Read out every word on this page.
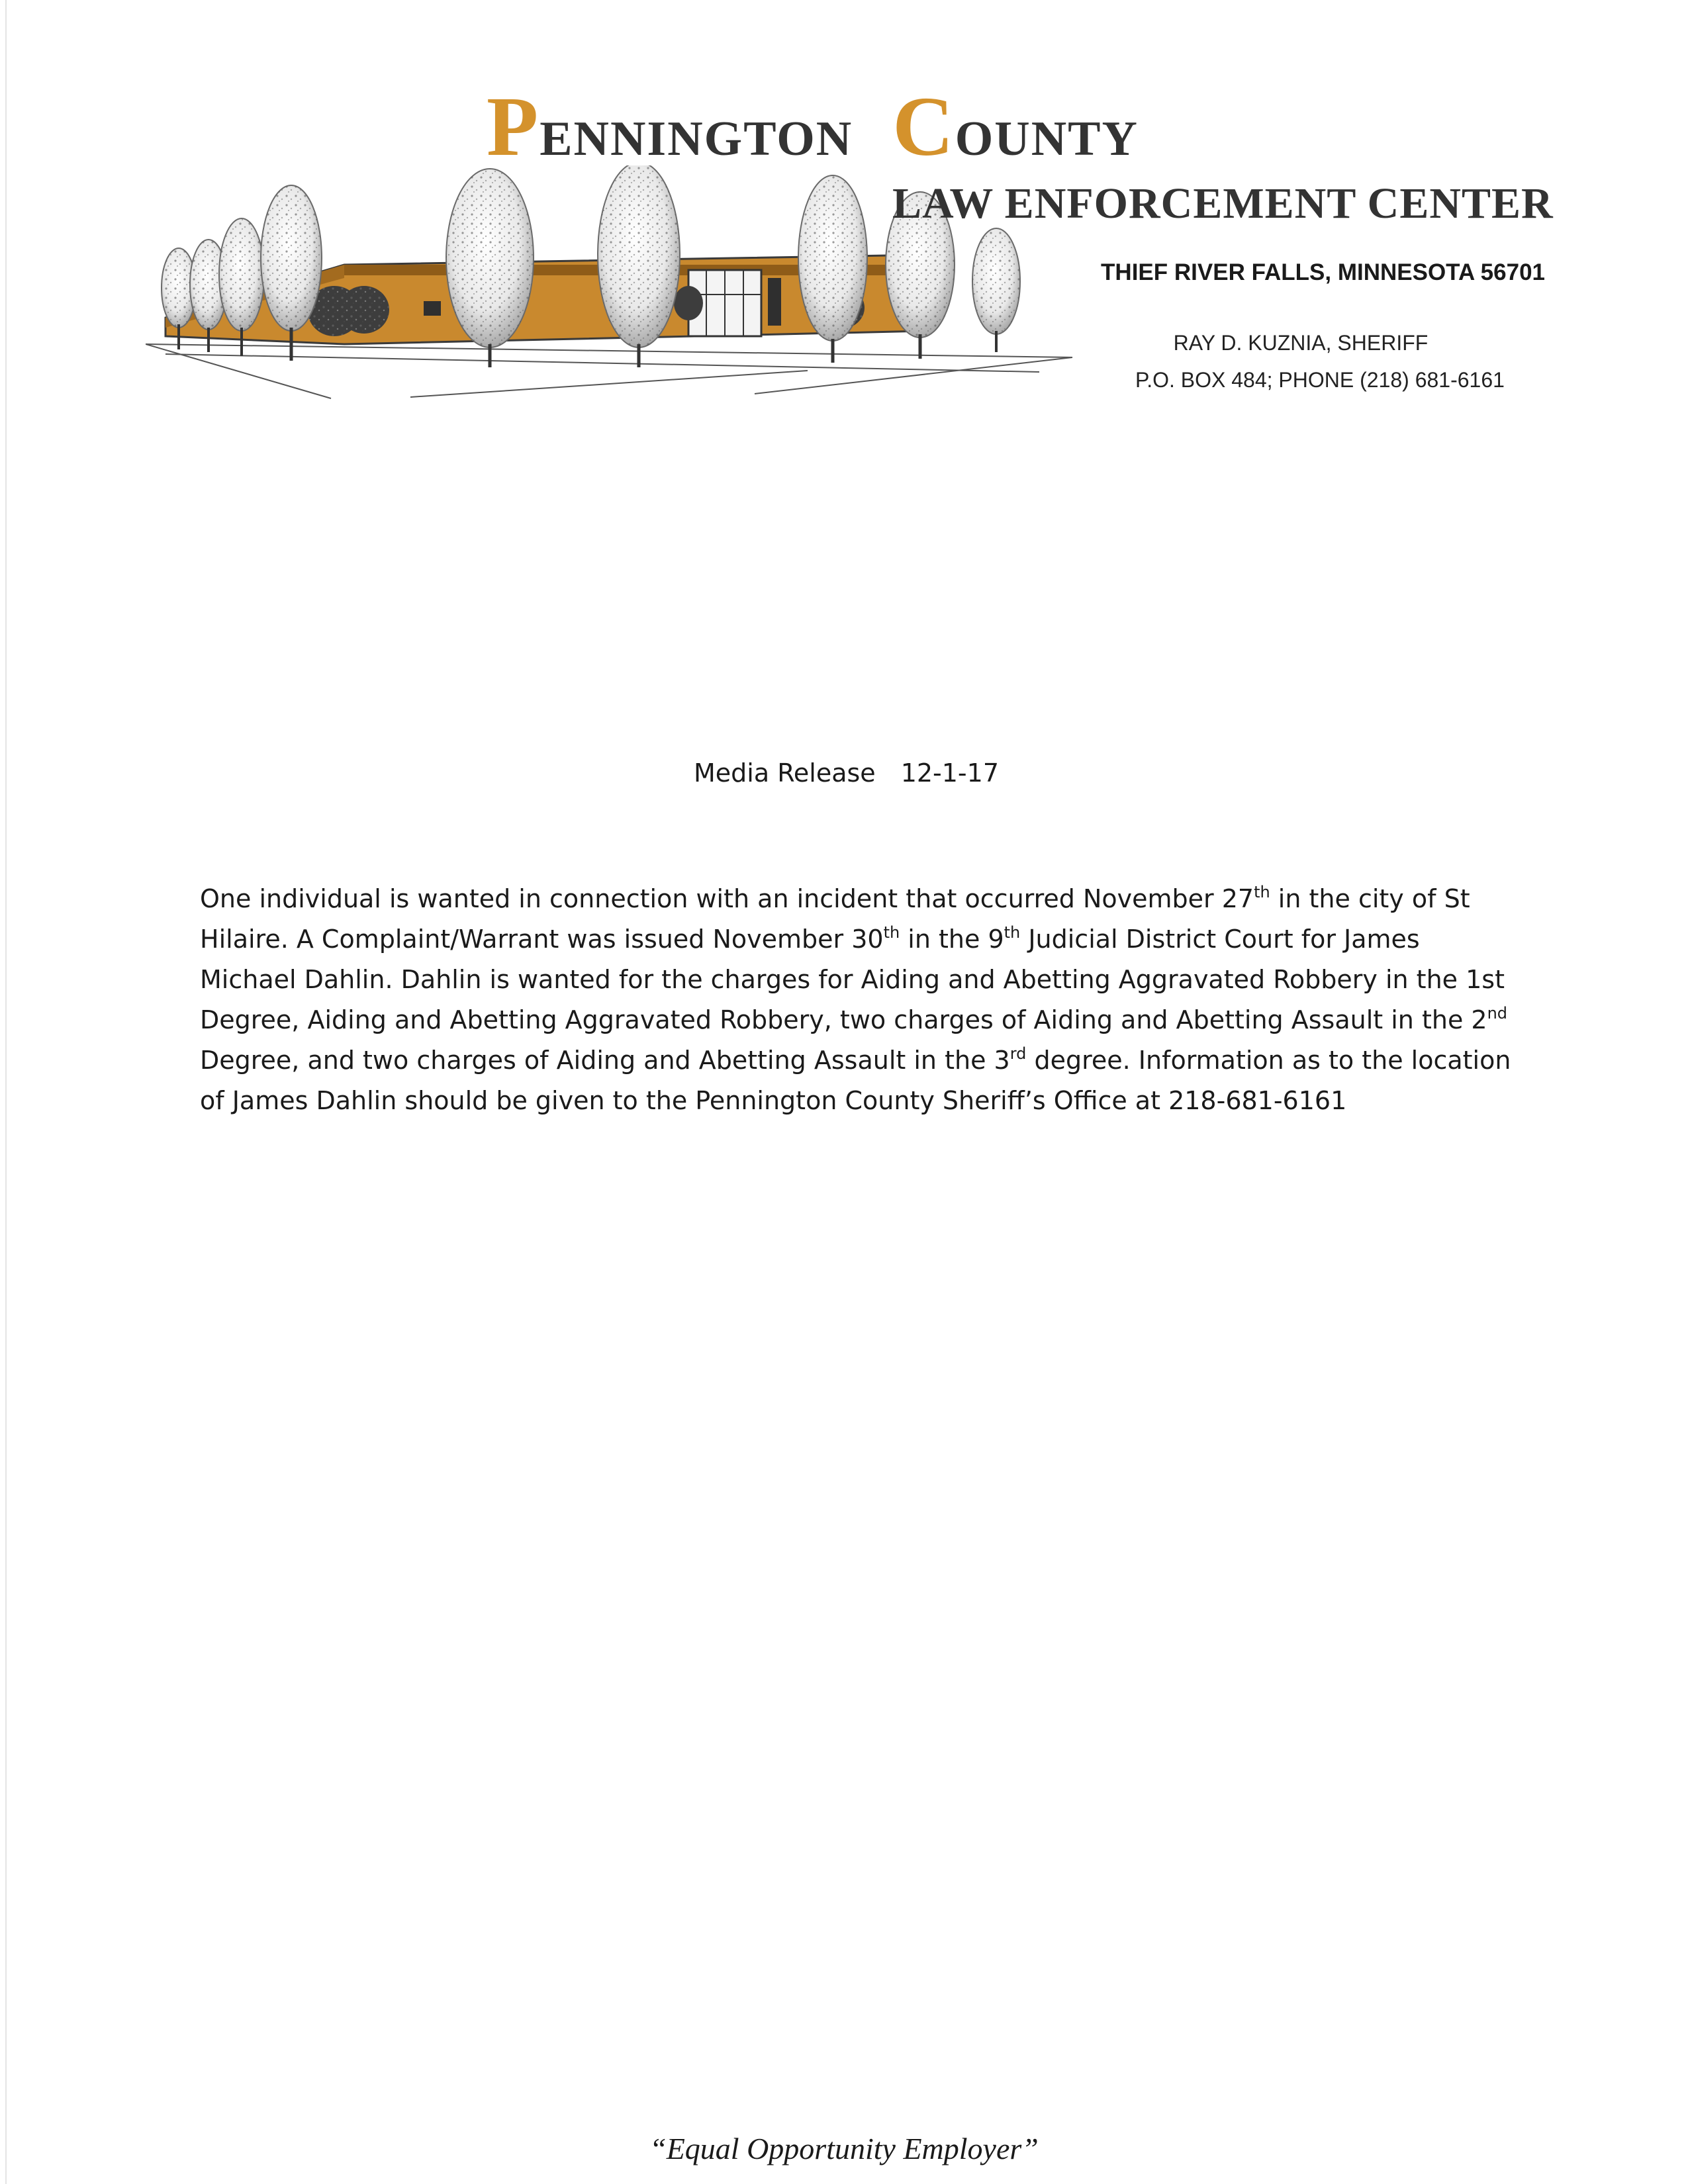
PENNINGTON COUNTY

LAW ENFORCEMENT CENTER

THIEF RIVER FALLS, MINNESOTA 56701

RAY D. KUZNIA, SHERIFF

P.O. BOX 484; PHONE (218) 681-6161

Media Release 12-1-17

One individual is wanted in connection with an incident that occurred November 27th in the city of St
Hilaire. A Complaint/Warrant was issued November 30th in the 9th Judicial District Court for James
Michael Dahlin. Dahlin is wanted for the charges for Aiding and Abetting Aggravated Robbery in the 1st
Degree, Aiding and Abetting Aggravated Robbery, two charges of Aiding and Abetting Assault in the 2nd
Degree, and two charges of Aiding and Abetting Assault in the 3rd degree. Information as to the location
of James Dahlin should be given to the Pennington County Sheriff’s Office at 218-681-6161

“Equal Opportunity Employer”
